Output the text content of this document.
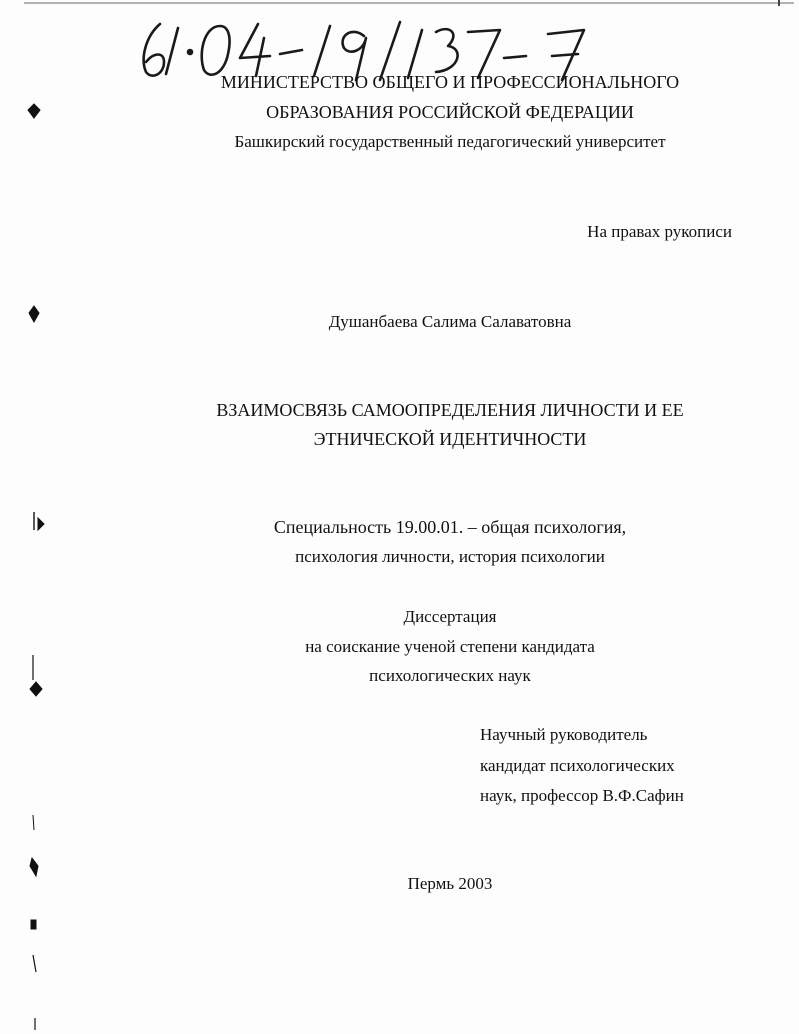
МИНИСТЕРСТВО ОБЩЕГО И ПРОФЕССИОНАЛЬНОГО
ОБРАЗОВАНИЯ РОССИЙСКОЙ ФЕДЕРАЦИИ
Башкирский государственный педагогический университет
На правах рукописи
Душанбаева Салима Салаватовна
ВЗАИМОСВЯЗЬ САМООПРЕДЕЛЕНИЯ ЛИЧНОСТИ И ЕЕ
ЭТНИЧЕСКОЙ ИДЕНТИЧНОСТИ
Специальность 19.00.01. – общая психология,
психология личности, история психологии
Диссертация
на соискание ученой степени кандидата
психологических наук
Научный руководитель
кандидат психологических
наук, профессор В.Ф.Сафин
Пермь 2003
